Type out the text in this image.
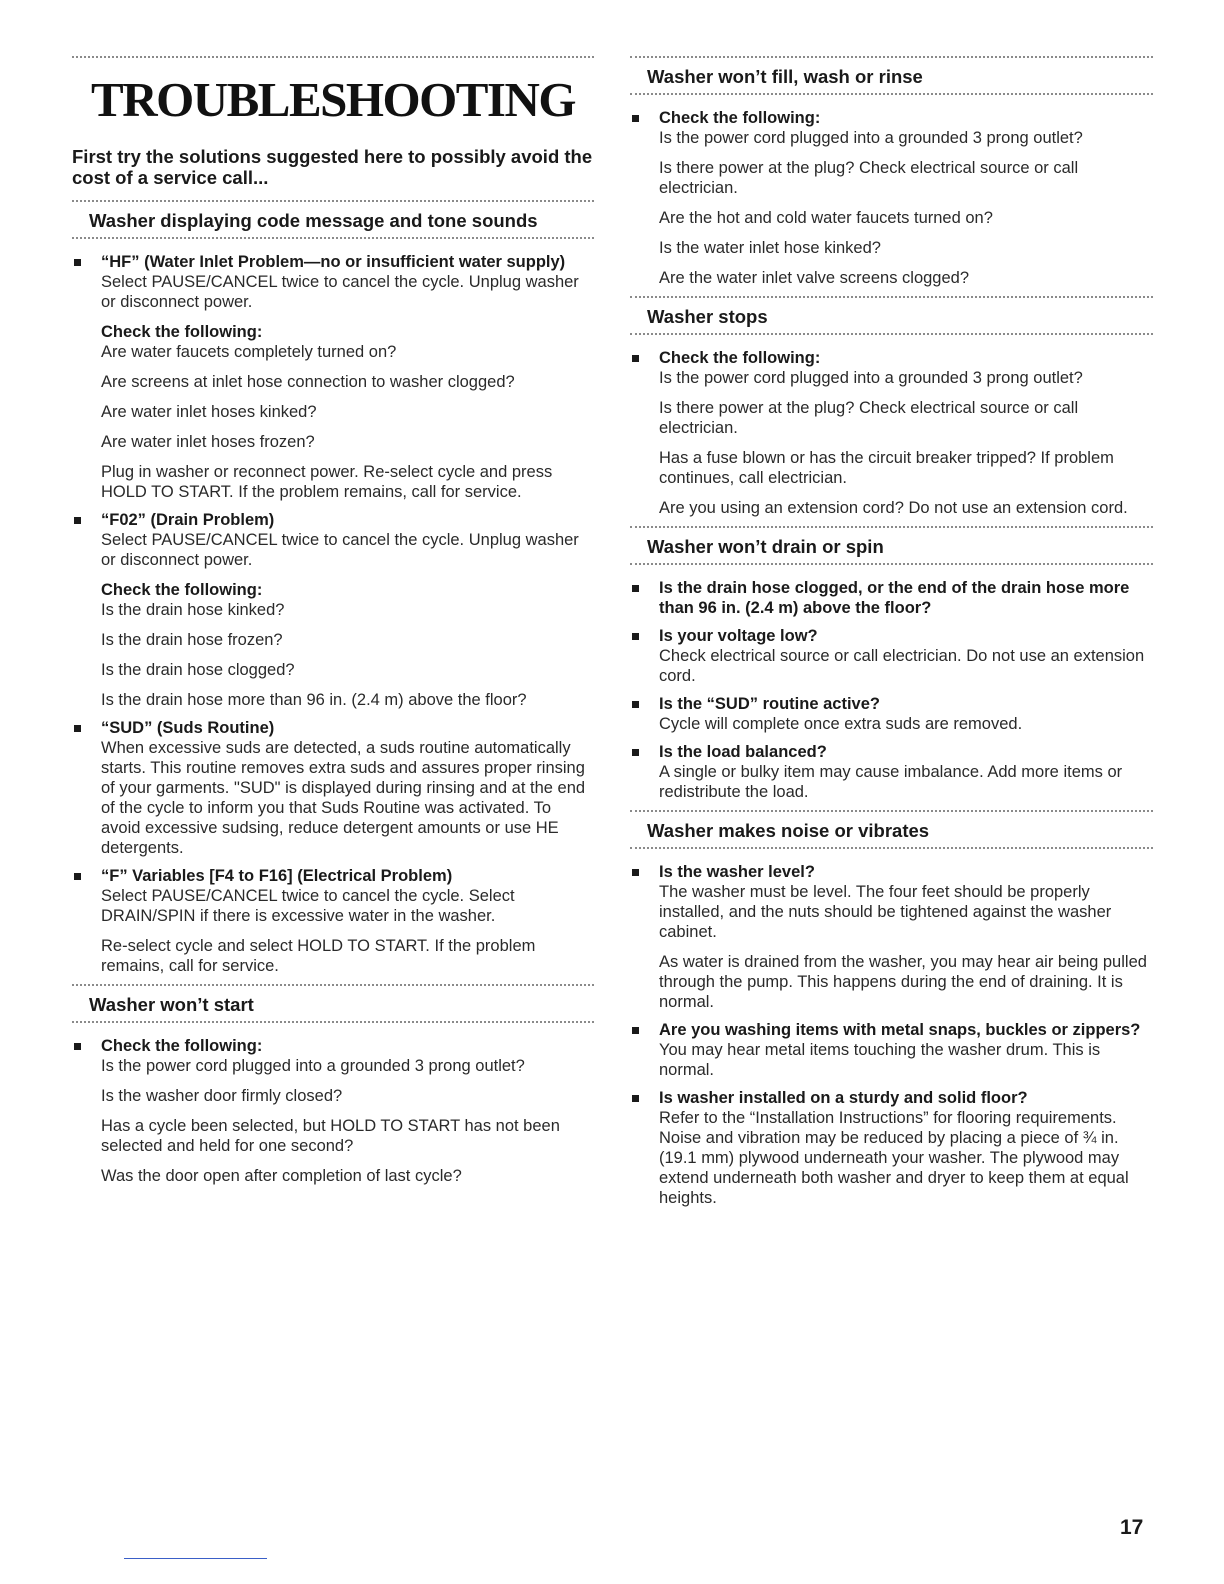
TROUBLESHOOTING
First try the solutions suggested here to possibly avoid the cost of a service call...
Washer displaying code message and tone sounds
“HF” (Water Inlet Problem—no or insufficient water supply)
Select PAUSE/CANCEL twice to cancel the cycle. Unplug washer or disconnect power.
Check the following:
Are water faucets completely turned on?
Are screens at inlet hose connection to washer clogged?
Are water inlet hoses kinked?
Are water inlet hoses frozen?
Plug in washer or reconnect power. Re-select cycle and press HOLD TO START. If the problem remains, call for service.
“F02” (Drain Problem)
Select PAUSE/CANCEL twice to cancel the cycle. Unplug washer or disconnect power.
Check the following:
Is the drain hose kinked?
Is the drain hose frozen?
Is the drain hose clogged?
Is the drain hose more than 96 in. (2.4 m) above the floor?
“SUD” (Suds Routine)
When excessive suds are detected, a suds routine automatically starts. This routine removes extra suds and assures proper rinsing of your garments. "SUD" is displayed during rinsing and at the end of the cycle to inform you that Suds Routine was activated. To avoid excessive sudsing, reduce detergent amounts or use HE detergents.
“F” Variables [F4 to F16] (Electrical Problem)
Select PAUSE/CANCEL twice to cancel the cycle. Select DRAIN/SPIN if there is excessive water in the washer.
Re-select cycle and select HOLD TO START. If the problem remains, call for service.
Washer won’t start
Check the following:
Is the power cord plugged into a grounded 3 prong outlet?
Is the washer door firmly closed?
Has a cycle been selected, but HOLD TO START has not been selected and held for one second?
Was the door open after completion of last cycle?
Washer won’t fill, wash or rinse
Check the following:
Is the power cord plugged into a grounded 3 prong outlet?
Is there power at the plug? Check electrical source or call electrician.
Are the hot and cold water faucets turned on?
Is the water inlet hose kinked?
Are the water inlet valve screens clogged?
Washer stops
Check the following:
Is the power cord plugged into a grounded 3 prong outlet?
Is there power at the plug? Check electrical source or call electrician.
Has a fuse blown or has the circuit breaker tripped? If problem continues, call electrician.
Are you using an extension cord? Do not use an extension cord.
Washer won’t drain or spin
Is the drain hose clogged, or the end of the drain hose more than 96 in. (2.4 m) above the floor?
Is your voltage low?
Check electrical source or call electrician. Do not use an extension cord.
Is the “SUD” routine active?
Cycle will complete once extra suds are removed.
Is the load balanced?
A single or bulky item may cause imbalance. Add more items or redistribute the load.
Washer makes noise or vibrates
Is the washer level?
The washer must be level. The four feet should be properly installed, and the nuts should be tightened against the washer cabinet.
As water is drained from the washer, you may hear air being pulled through the pump. This happens during the end of draining. It is normal.
Are you washing items with metal snaps, buckles or zippers?
You may hear metal items touching the washer drum. This is normal.
Is washer installed on a sturdy and solid floor?
Refer to the “Installation Instructions” for flooring requirements. Noise and vibration may be reduced by placing a piece of ¾ in. (19.1 mm) plywood underneath your washer. The plywood may extend underneath both washer and dryer to keep them at equal heights.
17
